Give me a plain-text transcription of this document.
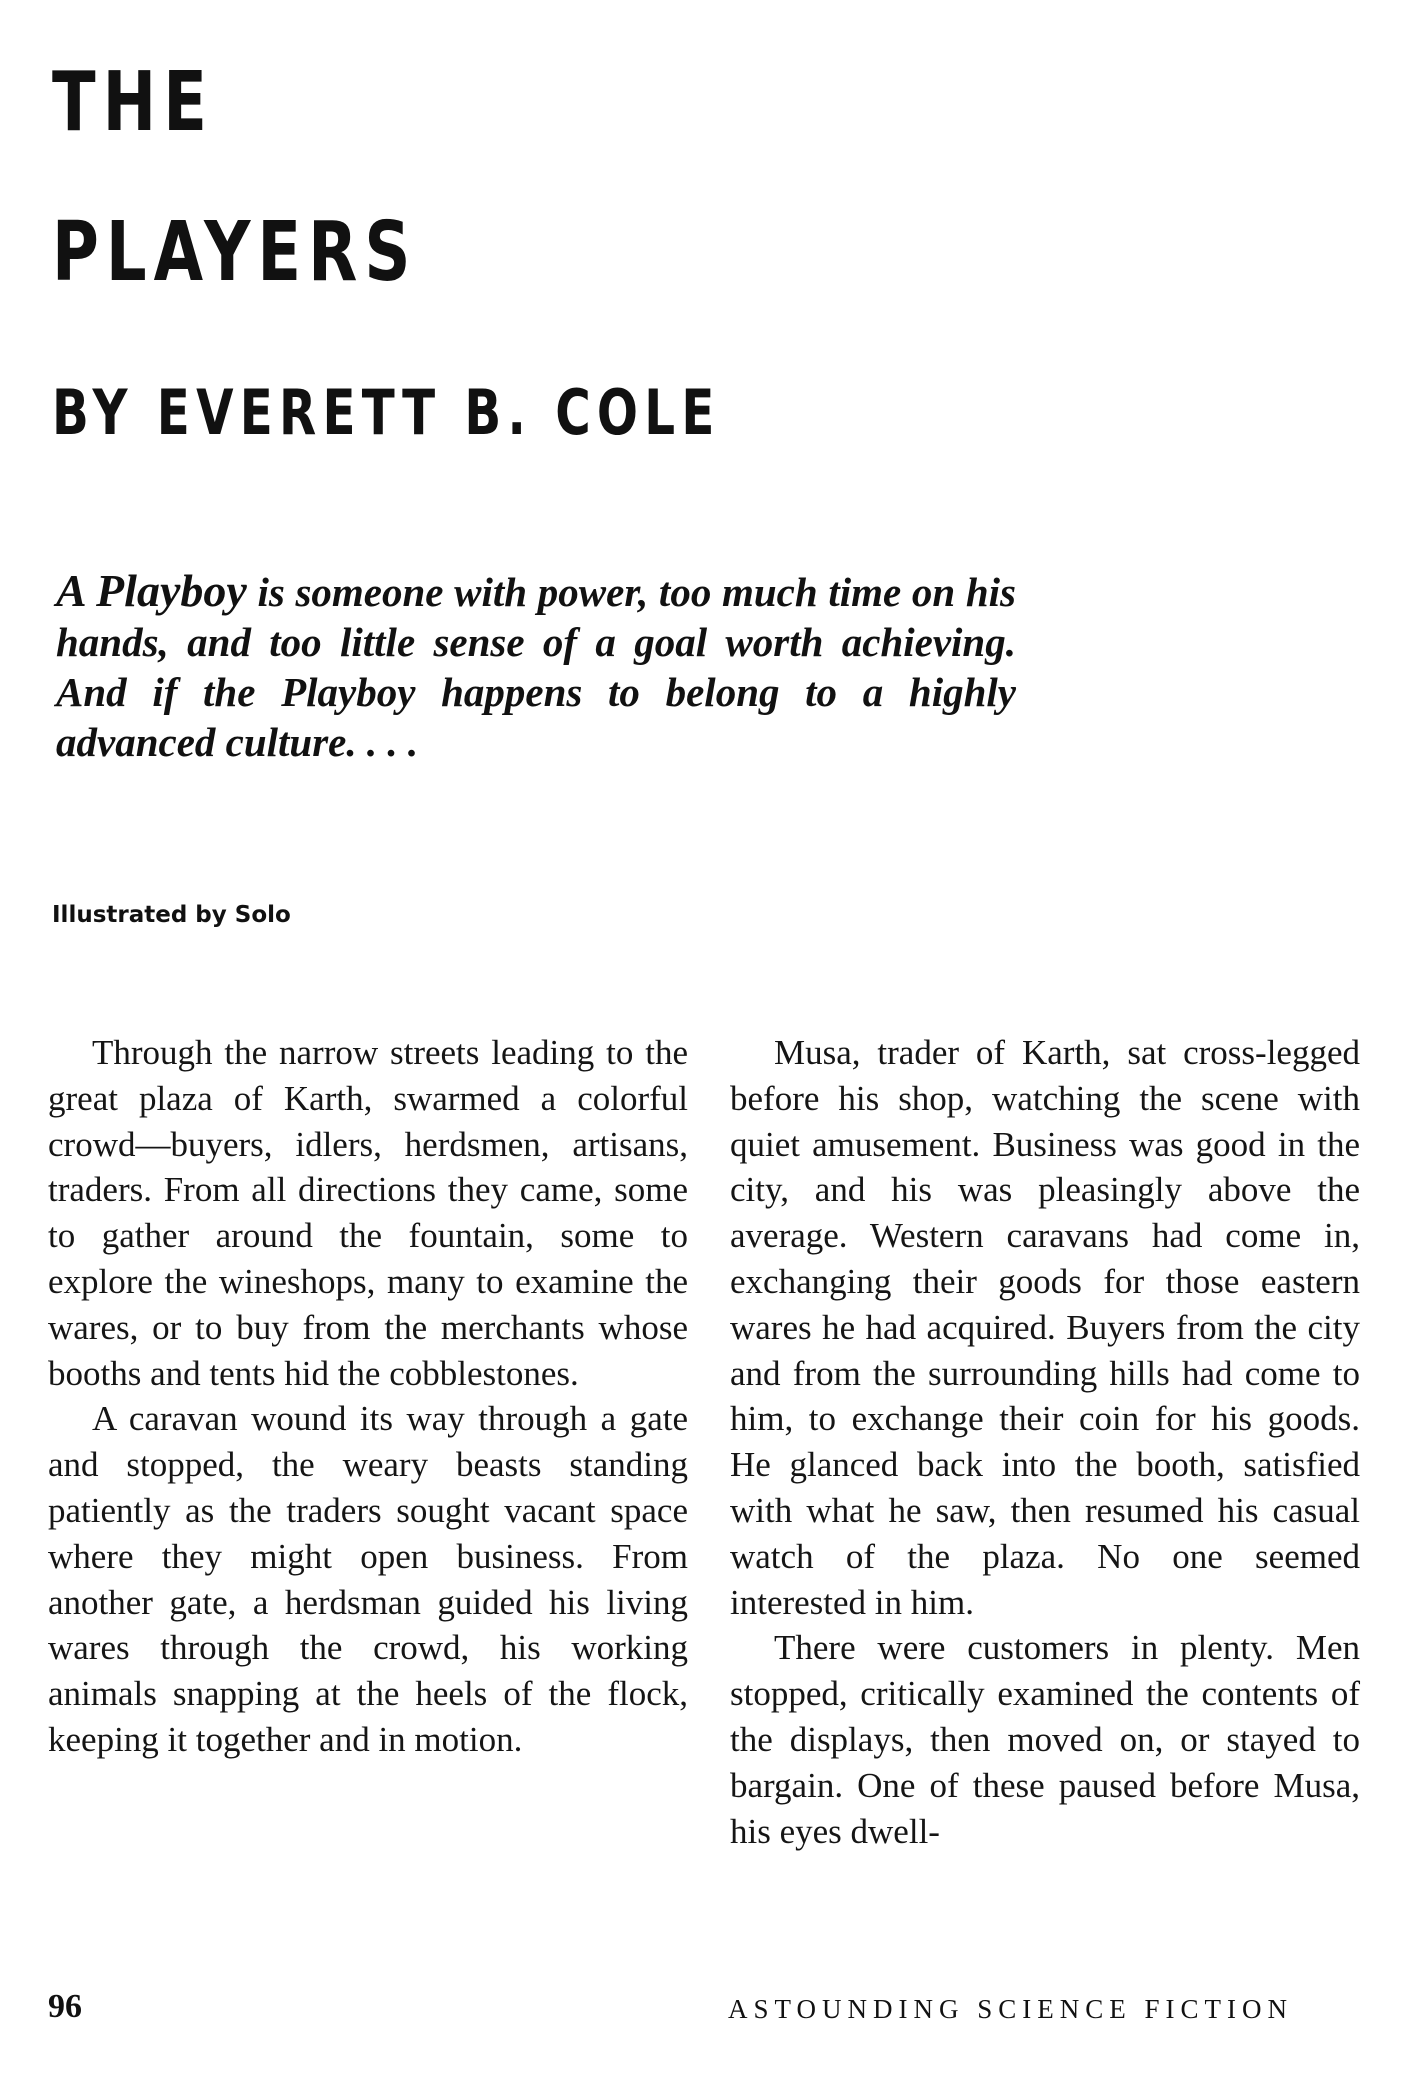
THE
PLAYERS
BY EVERETT B. COLE

A Playboy is someone with power, too much time on his hands, and too little sense of a goal worth achieving. And if the Playboy happens to belong to a highly advanced culture. . . .

Illustrated by Solo

Through the narrow streets leading to the great plaza of Karth, swarmed a colorful crowd—buyers, idlers, herdsmen, artisans, traders. From all directions they came, some to gather around the fountain, some to explore the wineshops, many to examine the wares, or to buy from the merchants whose booths and tents hid the cobblestones.

A caravan wound its way through a gate and stopped, the weary beasts standing patiently as the traders sought vacant space where they might open business. From another gate, a herdsman guided his living wares through the crowd, his working animals snapping at the heels of the flock, keeping it together and in motion.

Musa, trader of Karth, sat cross-legged before his shop, watching the scene with quiet amusement. Business was good in the city, and his was pleasingly above the average. Western caravans had come in, exchanging their goods for those eastern wares he had acquired. Buyers from the city and from the surrounding hills had come to him, to exchange their coin for his goods. He glanced back into the booth, satisfied with what he saw, then resumed his casual watch of the plaza. No one seemed interested in him.

There were customers in plenty. Men stopped, critically examined the contents of the displays, then moved on, or stayed to bargain. One of these paused before Musa, his eyes dwell-

96	ASTOUNDING SCIENCE FICTION
